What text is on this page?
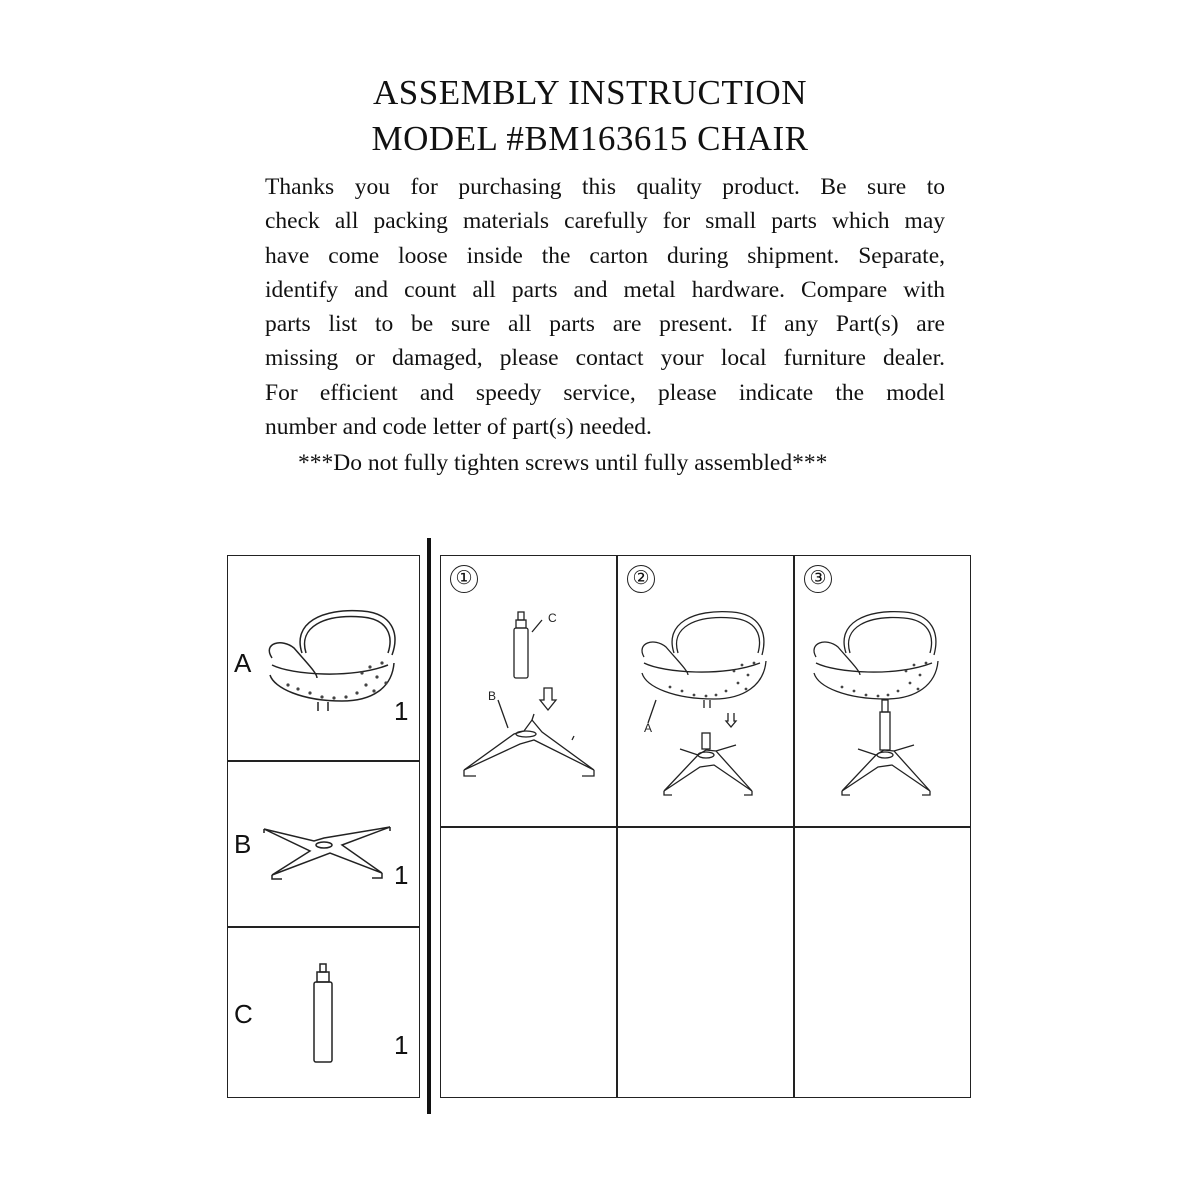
ASSEMBLY INSTRUCTION
MODEL #BM163615 CHAIR
Thanks you for purchasing this quality product. Be sure to
check all packing materials carefully for small parts which may
have come loose inside the carton during shipment. Separate,
identify and count all parts and metal hardware. Compare with
parts list to be sure all parts are present. If any Part(s) are
missing or damaged, please contact your local furniture dealer.
For efficient and speedy service, please indicate the model
number and code letter of part(s) needed.
***Do not fully tighten screws until fully assembled***
A
1
B
1
C
1
①	②	③
C
B
A
